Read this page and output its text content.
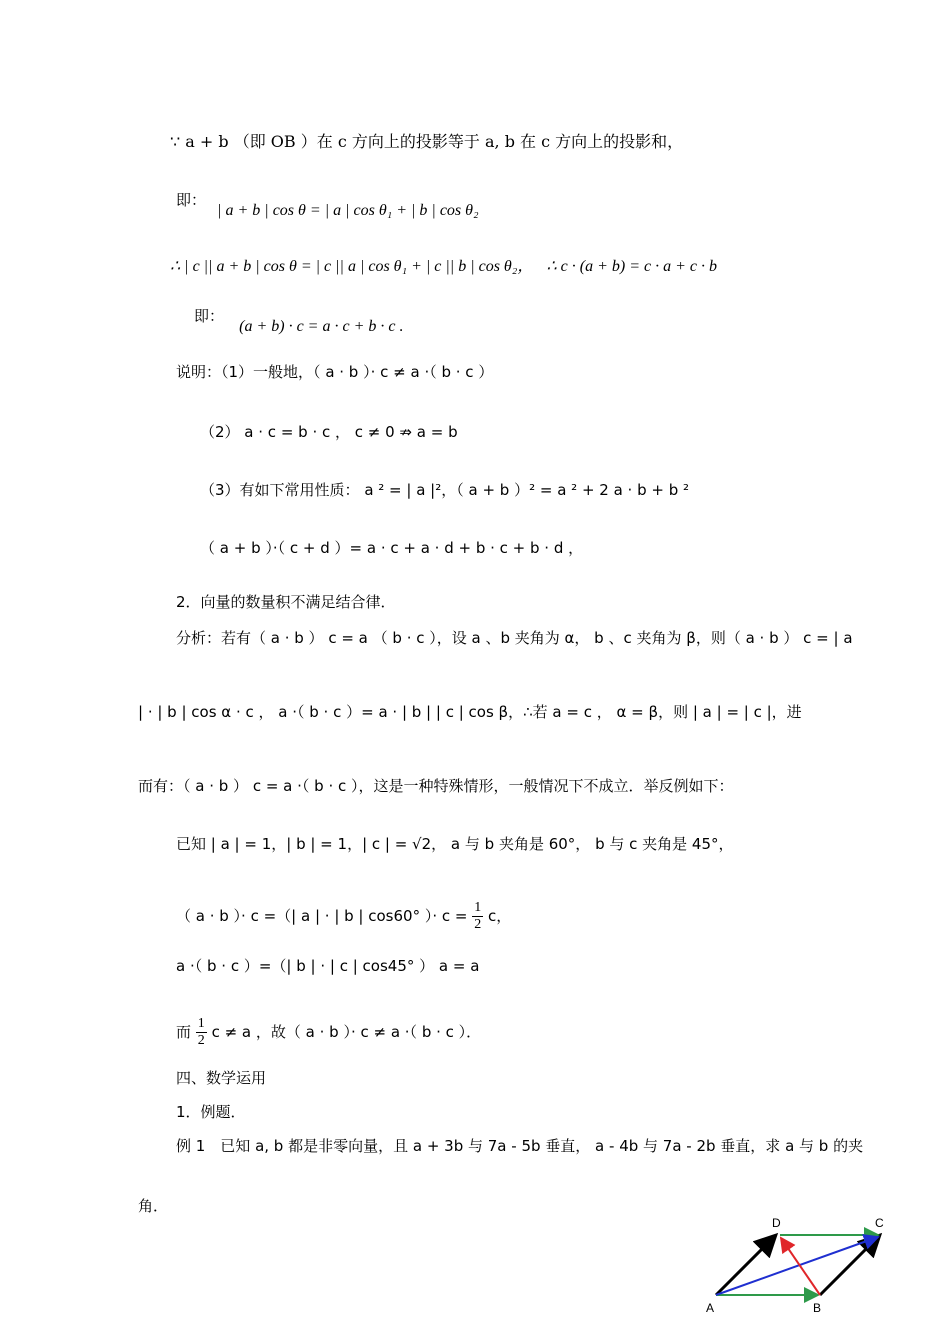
∵ a + b （即 OB ）在 c 方向上的投影等于 a, b 在 c 方向上的投影和，
即： | a + b | cos θ = | a | cos θ₁ + | b | cos θ₂
∴ | c || a + b | cos θ = | c || a | cos θ₁ + | c || b | cos θ₂， ∴ c · (a + b) = c · a + c · b
即： (a + b) · c = a · c + b · c .
说明：（1）一般地，（ a · b ）· c ≠ a ·（ b · c ）
（2） a · c = b · c ， c ≠ 0 ⇏ a = b
（3）有如下常用性质： a ² = | a |²，（ a + b ）² = a ² + 2 a · b + b ²
（ a + b ）·（ c + d ）= a · c + a · d + b · c + b · d ，
2．向量的数量积不满足结合律．
分析：若有（ a · b ） c = a （ b · c ），设 a 、b 夹角为 α， b 、c 夹角为 β，则（ a · b ） c = | a
| · | b | cos α · c ， a ·（ b · c ）= a · | b | | c | cos β，∴若 a = c ， α = β，则 | a | = | c |，进
而有：（ a · b ） c = a ·（ b · c ），这是一种特殊情形，一般情况下不成立．举反例如下：
已知 | a | = 1，| b | = 1，| c | = √2， a 与 b 夹角是 60°， b 与 c 夹角是 45°，
（ a · b ）· c =（| a | · | b | cos60° ）· $c = \frac{1}{2}$ c，
a ·（ b · c ）=（| b | · | c | cos45° ） a = a
而 $\frac{1}{2}$ c ≠ a ，故（ a · b ）· c ≠ a ·（ b · c ）．
四、数学运用
1．例题．
例 1　已知 a, b 都是非零向量，且 a + 3b 与 7a - 5b 垂直， a - 4b 与 7a - 2b 垂直，求 a 与 b 的夹
角．
A	B
C
D
